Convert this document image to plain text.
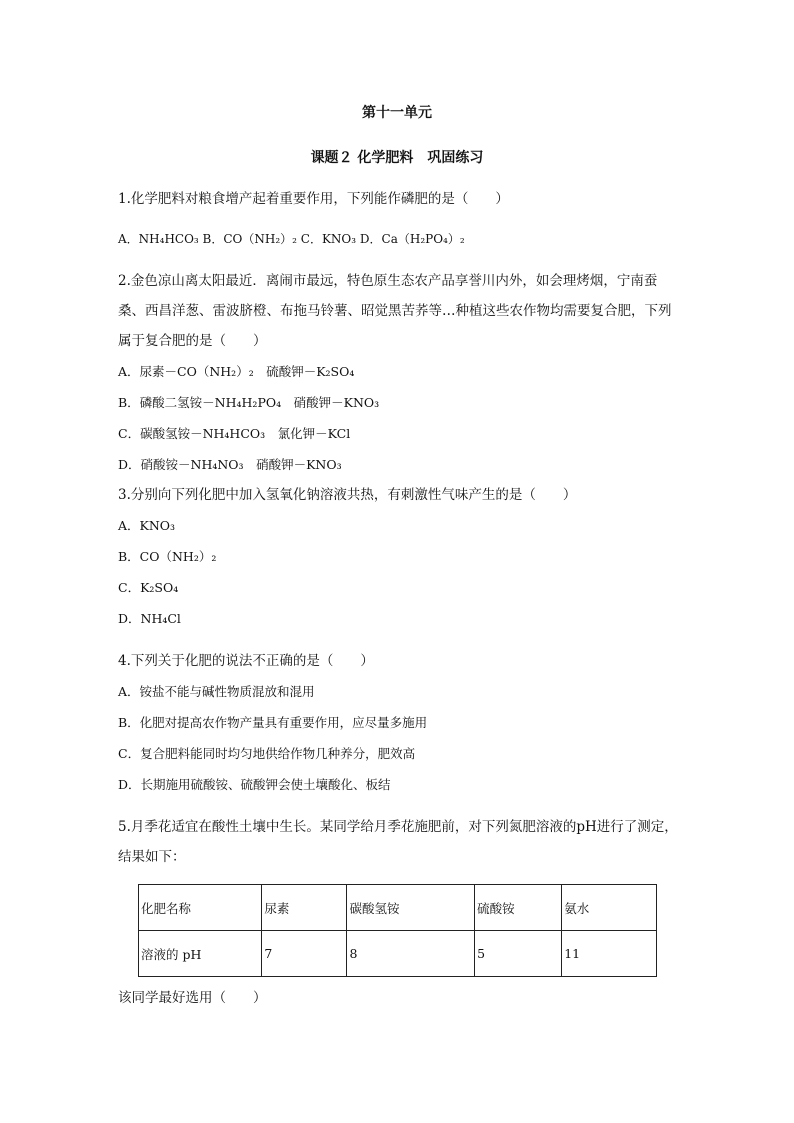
第十一单元
课题２ 化学肥料　巩固练习

1.化学肥料对粮食增产起着重要作用，下列能作磷肥的是（　　）

A．NH₄HCO₃ B．CO（NH₂）₂ C．KNO₃ D．Ca（H₂PO₄）₂

2.金色凉山离太阳最近．离闹市最远，特色原生态农产品享誉川内外，如会理烤烟，宁南蚕桑、西昌洋葱、雷波脐橙、布拖马铃薯、昭觉黑苦荞等…种植这些农作物均需要复合肥，下列属于复合肥的是（　　）

A．尿素－CO（NH₂）₂　硫酸钾－K₂SO₄
B．磷酸二氢铵－NH₄H₂PO₄　硝酸钾－KNO₃
C．碳酸氢铵－NH₄HCO₃　氯化钾－KCl
D．硝酸铵－NH₄NO₃　硝酸钾－KNO₃

3.分别向下列化肥中加入氢氧化钠溶液共热，有刺激性气味产生的是（　　）

A．KNO₃
B．CO（NH₂）₂
C．K₂SO₄
D．NH₄Cl

4.下列关于化肥的说法不正确的是（　　）

A．铵盐不能与碱性物质混放和混用
B．化肥对提高农作物产量具有重要作用，应尽量多施用
C．复合肥料能同时均匀地供给作物几种养分，肥效高
D．长期施用硫酸铵、硫酸钾会使土壤酸化、板结

5.月季花适宜在酸性土壤中生长。某同学给月季花施肥前，对下列氮肥溶液的pH进行了测定，结果如下：

化肥名称	尿素	碳酸氢铵	硫酸铵	氨水
溶液的 pH	7	8	5	11

该同学最好选用（　　）
